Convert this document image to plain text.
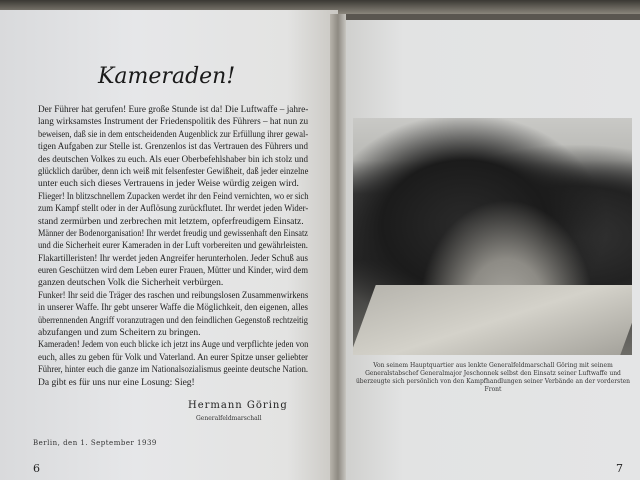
Kameraden!
Der Führer hat gerufen! Eure große Stunde ist da! Die Luftwaffe – jahre-
lang wirksamstes Instrument der Friedenspolitik des Führers – hat nun zu
beweisen, daß sie in dem entscheidenden Augenblick zur Erfüllung ihrer gewal-
tigen Aufgaben zur Stelle ist. Grenzenlos ist das Vertrauen des Führers und
des deutschen Volkes zu euch. Als euer Oberbefehlshaber bin ich stolz und
glücklich darüber, denn ich weiß mit felsenfester Gewißheit, daß jeder einzelne
unter euch sich dieses Vertrauens in jeder Weise würdig zeigen wird.
Flieger! In blitzschnellem Zupacken werdet ihr den Feind vernichten, wo er sich
zum Kampf stellt oder in der Auflösung zurückflutet. Ihr werdet jeden Wider-
stand zermürben und zerbrechen mit letztem, opferfreudigem Einsatz.
Männer der Bodenorganisation! Ihr werdet freudig und gewissenhaft den Einsatz
und die Sicherheit eurer Kameraden in der Luft vorbereiten und gewährleisten.
Flakartilleristen! Ihr werdet jeden Angreifer herunterholen. Jeder Schuß aus
euren Geschützen wird dem Leben eurer Frauen, Mütter und Kinder, wird dem
ganzen deutschen Volk die Sicherheit verbürgen.
Funker! Ihr seid die Träger des raschen und reibungslosen Zusammenwirkens
in unserer Waffe. Ihr gebt unserer Waffe die Möglichkeit, den eigenen, alles
überrennenden Angriff voranzutragen und den feindlichen Gegenstoß rechtzeitig
abzufangen und zum Scheitern zu bringen.
Kameraden! Jedem von euch blicke ich jetzt ins Auge und verpflichte jeden von
euch, alles zu geben für Volk und Vaterland. An eurer Spitze unser geliebter
Führer, hinter euch die ganze im Nationalsozialismus geeinte deutsche Nation.
Da gibt es für uns nur eine Losung: Sieg!
Hermann Göring
Generalfeldmarschall
Berlin, den 1. September 1939
6
Von seinem Hauptquartier aus lenkte Generalfeldmarschall Göring mit seinem Generalstabschef Generalmajor Jeschonnek selbst den Einsatz seiner Luftwaffe und überzeugte sich persönlich von den Kampfhandlungen seiner Verbände an der vordersten Front
7
